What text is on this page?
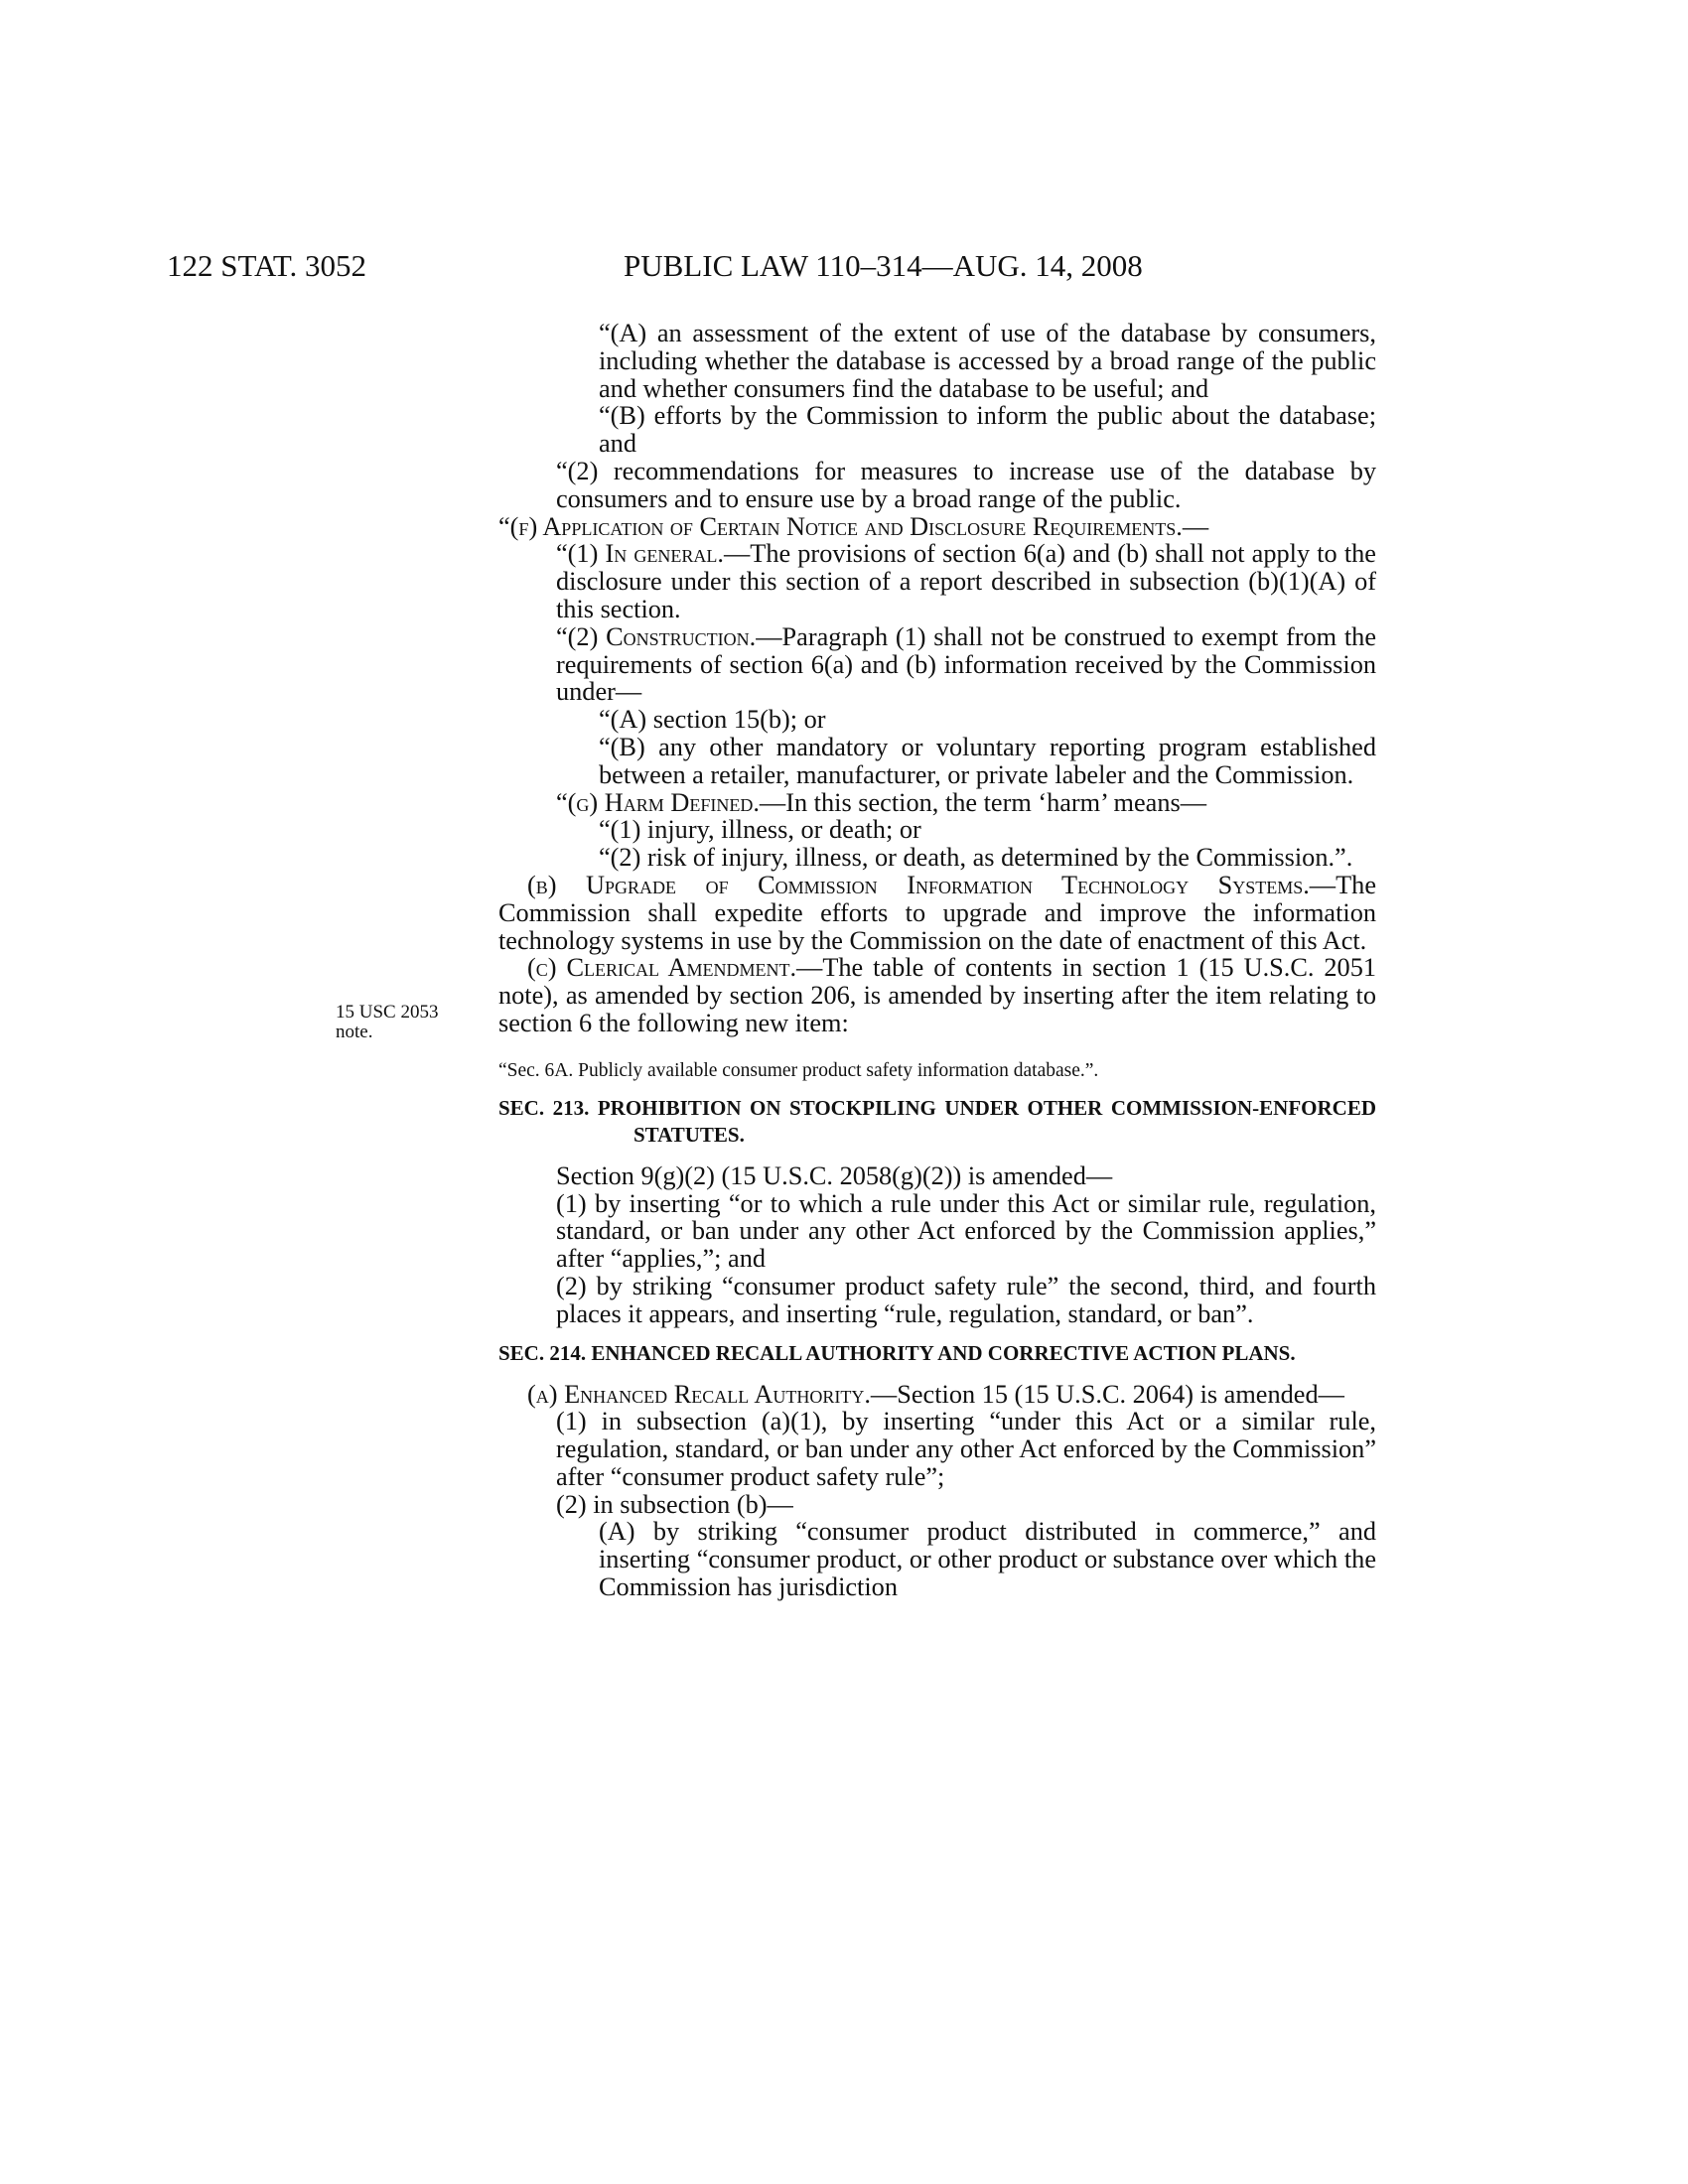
122 STAT. 3052	PUBLIC LAW 110–314—AUG. 14, 2008
15 USC 2053
note.

“(A) an assessment of the extent of use of the database by consumers, including whether the database is accessed by a broad range of the public and whether consumers find the database to be useful; and

“(B) efforts by the Commission to inform the public about the database; and

“(2) recommendations for measures to increase use of the database by consumers and to ensure use by a broad range of the public.

“(f) Application of Certain Notice and Disclosure Requirements.—

“(1) In general.—The provisions of section 6(a) and (b) shall not apply to the disclosure under this section of a report described in subsection (b)(1)(A) of this section.

“(2) Construction.—Paragraph (1) shall not be construed to exempt from the requirements of section 6(a) and (b) information received by the Commission under—

“(A) section 15(b); or

“(B) any other mandatory or voluntary reporting program established between a retailer, manufacturer, or private labeler and the Commission.

“(g) Harm Defined.—In this section, the term ‘harm’ means—

“(1) injury, illness, or death; or

“(2) risk of injury, illness, or death, as determined by the Commission.”.

(b) Upgrade of Commission Information Technology Systems.—The Commission shall expedite efforts to upgrade and improve the information technology systems in use by the Commission on the date of enactment of this Act.

(c) Clerical Amendment.—The table of contents in section 1 (15 U.S.C. 2051 note), as amended by section 206, is amended by inserting after the item relating to section 6 the following new item:

“Sec. 6A. Publicly available consumer product safety information database.”.

SEC. 213. PROHIBITION ON STOCKPILING UNDER OTHER COMMISSION-ENFORCED STATUTES.

Section 9(g)(2) (15 U.S.C. 2058(g)(2)) is amended—

(1) by inserting “or to which a rule under this Act or similar rule, regulation, standard, or ban under any other Act enforced by the Commission applies,” after “applies,”; and

(2) by striking “consumer product safety rule” the second, third, and fourth places it appears, and inserting “rule, regulation, standard, or ban”.

SEC. 214. ENHANCED RECALL AUTHORITY AND CORRECTIVE ACTION PLANS.

(a) Enhanced Recall Authority.—Section 15 (15 U.S.C. 2064) is amended—

(1) in subsection (a)(1), by inserting “under this Act or a similar rule, regulation, standard, or ban under any other Act enforced by the Commission” after “consumer product safety rule”;

(2) in subsection (b)—

(A) by striking “consumer product distributed in commerce,” and inserting “consumer product, or other product or substance over which the Commission has jurisdiction
